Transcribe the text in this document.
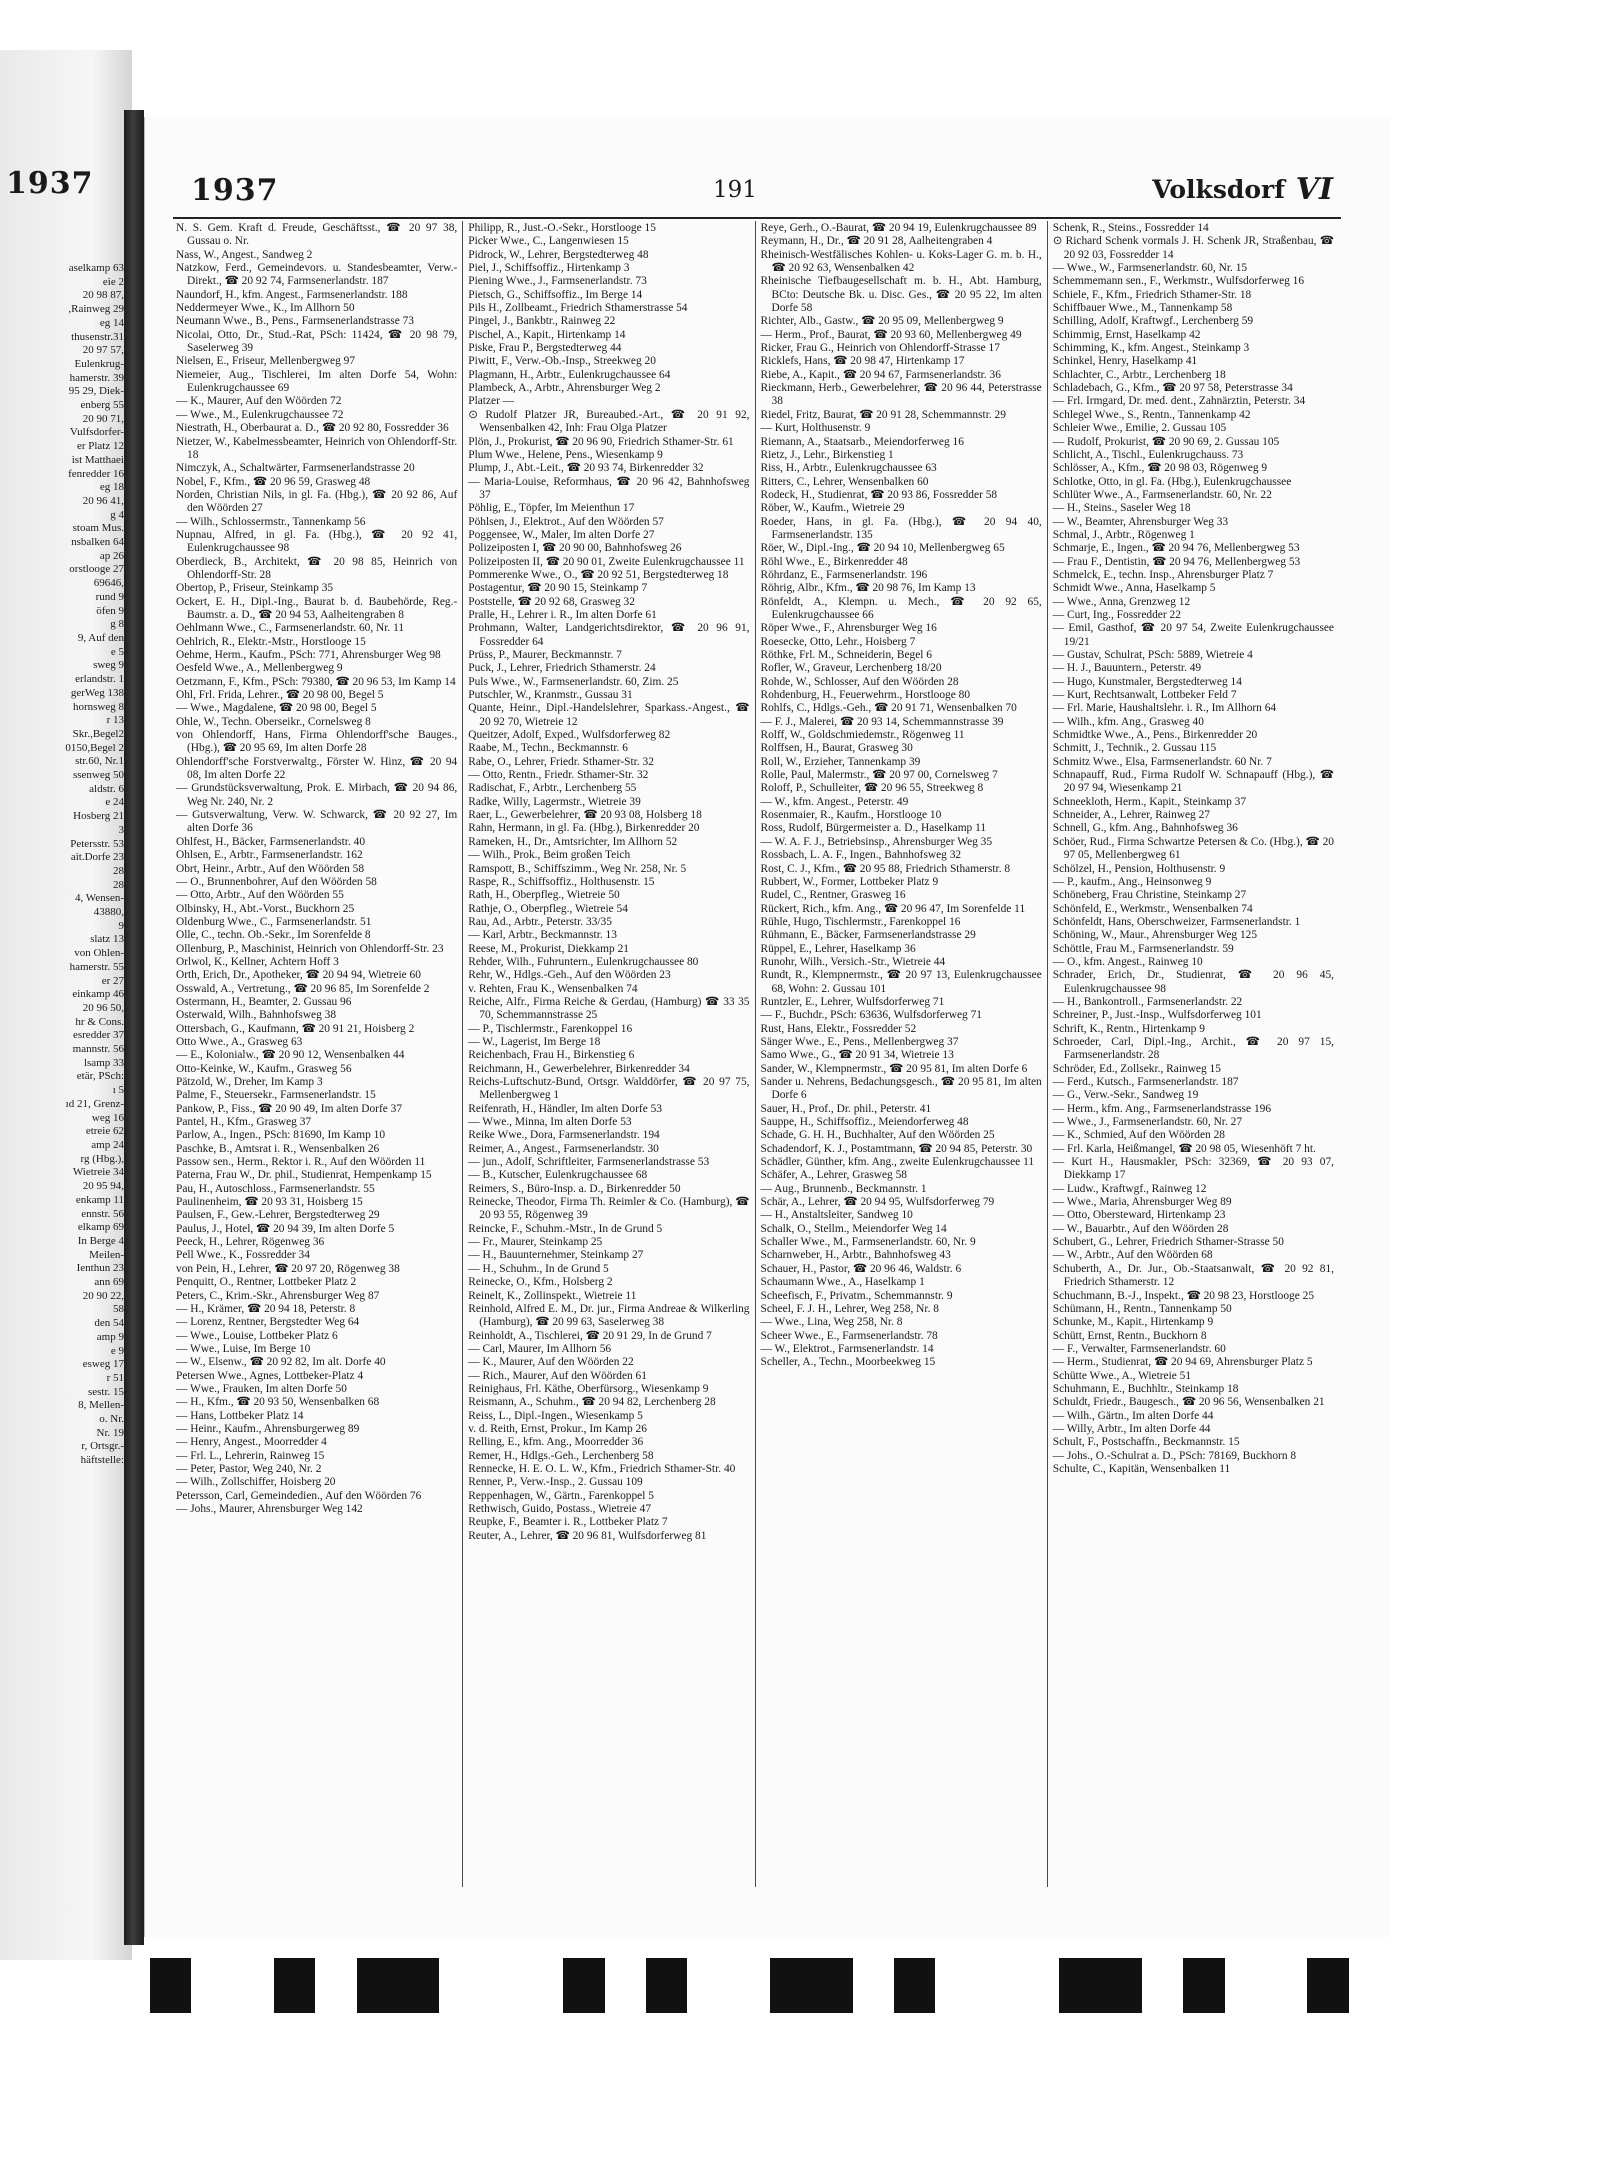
1937
aselkamp 63
eie 2
20 98 87,
,Rainweg 29
eg 14
thusenstr.31
20 97 57,
Eulenkrug-
hamerstr. 39
95 29, Diek-
enberg 55
20 90 71,
Vulfsdorfer-
er Platz 12
ist Matthaei
fenredder 16
eg 18
20 96 41,
g 4
stoam Mus.
nsbalken 64
ap 26
orstlooge 27
69646,
rund 9
öfen 9
g 8
9, Auf den
e 5
sweg 9
erlandstr. 1
gerWeg 138
hornsweg 8
r 13
Skr.,Begel2
0150,Begel 2
str.60, Nr.1
ssenweg 50
aldstr. 6
e 24
Hosberg 21
3
Petersstr. 53
ait.Dorfe 23
28
28
4, Wensen-
43880,
9
slatz 13
von Ohlen-
hamerstr. 55
er 27
einkamp 46
20 96 50,
hr & Cons.
esredder 37
mannstr. 56
lsamp 33
etär, PSch:
ı 5
ıd 21, Grenz-
weg 16
etreie 62
amp 24
rg (Hbg.),
Wietreie 34
20 95 94,
enkamp 11
ennstr. 56
elkamp 69
In Berge 4
Meilen-
Ienthun 23
ann 69
20 90 22,
58
den 54
amp 9
e 9
esweg 17
r 51
sestr. 15
8, Mellen-
o. Nr.
Nr. 19
r, Ortsgr.-
häftstelle:
1937	191	Volksdorf VI
N. S. Gem. Kraft d. Freude, Geschäftsst., ☎ 20 97 38, Gussau o. Nr.
Nass, W., Angest., Sandweg 2
Natzkow, Ferd., Gemeindevors. u. Standesbeamter, Verw.-Direkt., ☎ 20 92 74, Farmsenerlandstr. 187
Naundorf, H., kfm. Angest., Farmsenerlandstr. 188
Neddermeyer Wwe., K., Im Allhorn 50
Neumann Wwe., B., Pens., Farmsenerlandstrasse 73
Nicolai, Otto, Dr., Stud.-Rat, PSch: 11424, ☎ 20 98 79, Saselerweg 39
Nielsen, E., Friseur, Mellenbergweg 97
Niemeier, Aug., Tischlerei, Im alten Dorfe 54, Wohn: Eulenkrugchaussee 69
— K., Maurer, Auf den Wöörden 72
— Wwe., M., Eulenkrugchaussee 72
Niestrath, H., Oberbaurat a. D., ☎ 20 92 80, Fossredder 36
Nietzer, W., Kabelmessbeamter, Heinrich von Ohlendorff-Str. 18
Nimczyk, A., Schaltwärter, Farmsenerlandstrasse 20
Nobel, F., Kfm., ☎ 20 96 59, Grasweg 48
Norden, Christian Nils, in gl. Fa. (Hbg.), ☎ 20 92 86, Auf den Wöörden 27
— Wilh., Schlossermstr., Tannenkamp 56
Nupnau, Alfred, in gl. Fa. (Hbg.), ☎ 20 92 41, Eulenkrugchaussee 98
Oberdieck, B., Architekt, ☎ 20 98 85, Heinrich von Ohlendorff-Str. 28
Obertop, P., Friseur, Steinkamp 35
Ockert, E. H., Dipl.-Ing., Baurat b. d. Baubehörde, Reg.-Baumstr. a. D., ☎ 20 94 53, Aalheitengraben 8
Oehlmann Wwe., C., Farmsenerlandstr. 60, Nr. 11
Oehlrich, R., Elektr.-Mstr., Horstlooge 15
Oehme, Herm., Kaufm., PSch: 771, Ahrensburger Weg 98
Oesfeld Wwe., A., Mellenbergweg 9
Oetzmann, F., Kfm., PSch: 79380, ☎ 20 96 53, Im Kamp 14
Ohl, Frl. Frida, Lehrer., ☎ 20 98 00, Begel 5
— Wwe., Magdalene, ☎ 20 98 00, Begel 5
Ohle, W., Techn. Oberseikr., Cornelsweg 8
von Ohlendorff, Hans, Firma Ohlendorff'sche Bauges., (Hbg.), ☎ 20 95 69, Im alten Dorfe 28
Ohlendorff'sche Forstverwaltg., Förster W. Hinz, ☎ 20 94 08, Im alten Dorfe 22
— Grundstücksverwaltung, Prok. E. Mirbach, ☎ 20 94 86, Weg Nr. 240, Nr. 2
— Gutsverwaltung, Verw. W. Schwarck, ☎ 20 92 27, Im alten Dorfe 36
Ohlfest, H., Bäcker, Farmsenerlandstr. 40
Ohlsen, E., Arbtr., Farmsenerlandstr. 162
Obrt, Heinr., Arbtr., Auf den Wöörden 58
— O., Brunnenbohrer, Auf den Wöörden 58
— Otto, Arbtr., Auf den Wöörden 55
Olbinsky, H., Abt.-Vorst., Buckhorn 25
Oldenburg Wwe., C., Farmsenerlandstr. 51
Olle, C., techn. Ob.-Sekr., Im Sorenfelde 8
Ollenburg, P., Maschinist, Heinrich von Ohlendorff-Str. 23
Orlwol, K., Kellner, Achtern Hoff 3
Orth, Erich, Dr., Apotheker, ☎ 20 94 94, Wietreie 60
Osswald, A., Vertretung., ☎ 20 96 85, Im Sorenfelde 2
Ostermann, H., Beamter, 2. Gussau 96
Osterwald, Wilh., Bahnhofsweg 38
Ottersbach, G., Kaufmann, ☎ 20 91 21, Hoisberg 2
Otto Wwe., A., Grasweg 63
— E., Kolonialw., ☎ 20 90 12, Wensenbalken 44
Otto-Keinke, W., Kaufm., Grasweg 56
Pätzold, W., Dreher, Im Kamp 3
Palme, F., Steuersekr., Farmsenerlandstr. 15
Pankow, P., Fiss., ☎ 20 90 49, Im alten Dorfe 37
Pantel, H., Kfm., Grasweg 37
Parlow, A., Ingen., PSch: 81690, Im Kamp 10
Paschke, B., Amtsrat i. R., Wensenbalken 26
Passow sen., Herm., Rektor i. R., Auf den Wöörden 11
Paterna, Frau W., Dr. phil., Studienrat, Hempenkamp 15
Pau, H., Autoschloss., Farmsenerlandstr. 55
Paulinenheim, ☎ 20 93 31, Hoisberg 15
Paulsen, F., Gew.-Lehrer, Bergstedterweg 29
Paulus, J., Hotel, ☎ 20 94 39, Im alten Dorfe 5
Peeck, H., Lehrer, Rögenweg 36
Pell Wwe., K., Fossredder 34
von Pein, H., Lehrer, ☎ 20 97 20, Rögenweg 38
Penquitt, O., Rentner, Lottbeker Platz 2
Peters, C., Krim.-Skr., Ahrensburger Weg 87
— H., Krämer, ☎ 20 94 18, Peterstr. 8
— Lorenz, Rentner, Bergstedter Weg 64
— Wwe., Louise, Lottbeker Platz 6
— Wwe., Luise, Im Berge 10
— W., Elsenw., ☎ 20 92 82, Im alt. Dorfe 40
Petersen Wwe., Agnes, Lottbeker-Platz 4
— Wwe., Frauken, Im alten Dorfe 50
— H., Kfm., ☎ 20 93 50, Wensenbalken 68
— Hans, Lottbeker Platz 14
— Heinr., Kaufm., Ahrensburgerweg 89
— Henry, Angest., Moorredder 4
— Frl. L., Lehrerin, Rainweg 15
— Peter, Pastor, Weg 240, Nr. 2
— Wilh., Zollschiffer, Hoisberg 20
Petersson, Carl, Gemeindedien., Auf den Wöörden 76
— Johs., Maurer, Ahrensburger Weg 142
Philipp, R., Just.-O.-Sekr., Horstlooge 15
Picker Wwe., C., Langenwiesen 15
Pidrock, W., Lehrer, Bergstedterweg 48
Piel, J., Schiffsoffiz., Hirtenkamp 3
Piening Wwe., J., Farmsenerlandstr. 73
Pietsch, G., Schiffsoffiz., Im Berge 14
Pils H., Zollbeamt., Friedrich Sthamerstrasse 54
Pingel, J., Bankbtr., Rainweg 22
Pischel, A., Kapit., Hirtenkamp 14
Piske, Frau P., Bergstedterweg 44
Piwitt, F., Verw.-Ob.-Insp., Streekweg 20
Plagmann, H., Arbtr., Eulenkrugchaussee 64
Plambeck, A., Arbtr., Ahrensburger Weg 2
Platzer —
⊙ Rudolf Platzer JR, Bureaubed.-Art., ☎ 20 91 92, Wensenbalken 42, Inh: Frau Olga Platzer
Plön, J., Prokurist, ☎ 20 96 90, Friedrich Sthamer-Str. 61
Plum Wwe., Helene, Pens., Wiesenkamp 9
Plump, J., Abt.-Leit., ☎ 20 93 74, Birkenredder 32
— Maria-Louise, Reformhaus, ☎ 20 96 42, Bahnhofsweg 37
Pöhlig, E., Töpfer, Im Meienthun 17
Pöhlsen, J., Elektrot., Auf den Wöörden 57
Poggensee, W., Maler, Im alten Dorfe 27
Polizeiposten I, ☎ 20 90 00, Bahnhofsweg 26
Polizeiposten II, ☎ 20 90 01, Zweite Eulenkrugchaussee 11
Pommerenke Wwe., O., ☎ 20 92 51, Bergstedterweg 18
Postagentur, ☎ 20 90 15, Steinkamp 7
Poststelle, ☎ 20 92 68, Grasweg 32
Pralle, H., Lehrer i. R., Im alten Dorfe 61
Prohmann, Walter, Landgerichtsdirektor, ☎ 20 96 91, Fossredder 64
Prüss, P., Maurer, Beckmannstr. 7
Puck, J., Lehrer, Friedrich Sthamerstr. 24
Puls Wwe., W., Farmsenerlandstr. 60, Zim. 25
Putschler, W., Kranmstr., Gussau 31
Quante, Heinr., Dipl.-Handelslehrer, Sparkass.-Angest., ☎ 20 92 70, Wietreie 12
Queitzer, Adolf, Exped., Wulfsdorferweg 82
Raabe, M., Techn., Beckmannstr. 6
Rabe, O., Lehrer, Friedr. Sthamer-Str. 32
— Otto, Rentn., Friedr. Sthamer-Str. 32
Radischat, F., Arbtr., Lerchenberg 55
Radke, Willy, Lagermstr., Wietreie 39
Raer, L., Gewerbelehrer, ☎ 20 93 08, Holsberg 18
Rahn, Hermann, in gl. Fa. (Hbg.), Birkenredder 20
Rameken, H., Dr., Amtsrichter, Im Allhorn 52
— Wilh., Prok., Beim großen Teich
Ramspott, B., Schiffszimm., Weg Nr. 258, Nr. 5
Raspe, R., Schiffsoffiz., Holthusenstr. 15
Rath, H., Oberpfleg., Wietreie 50
Rathje, O., Oberpfleg., Wietreie 54
Rau, Ad., Arbtr., Peterstr. 33/35
— Karl, Arbtr., Beckmannstr. 13
Reese, M., Prokurist, Diekkamp 21
Rehder, Wilh., Fuhruntern., Eulenkrugchaussee 80
Rehr, W., Hdlgs.-Geh., Auf den Wöörden 23
v. Rehten, Frau K., Wensenbalken 74
Reiche, Alfr., Firma Reiche & Gerdau, (Hamburg) ☎ 33 35 70, Schemmannstrasse 25
— P., Tischlermstr., Farenkoppel 16
— W., Lagerist, Im Berge 18
Reichenbach, Frau H., Birkenstieg 6
Reichmann, H., Gewerbelehrer, Birkenredder 34
Reichs-Luftschutz-Bund, Ortsgr. Walddörfer, ☎ 20 97 75, Mellenbergweg 1
Reifenrath, H., Händler, Im alten Dorfe 53
— Wwe., Minna, Im alten Dorfe 53
Reike Wwe., Dora, Farmsenerlandstr. 194
Reimer, A., Angest., Farmsenerlandstr. 30
— jun., Adolf, Schriftleiter, Farmsenerlandstrasse 53
— B., Kutscher, Eulenkrugchaussee 68
Reimers, S., Büro-Insp. a. D., Birkenredder 50
Reinecke, Theodor, Firma Th. Reimler & Co. (Hamburg), ☎ 20 93 55, Rögenweg 39
Reincke, F., Schuhm.-Mstr., In de Grund 5
— Fr., Maurer, Steinkamp 25
— H., Bauunternehmer, Steinkamp 27
— H., Schuhm., In de Grund 5
Reinecke, O., Kfm., Holsberg 2
Reinelt, K., Zollinspekt., Wietreie 11
Reinhold, Alfred E. M., Dr. jur., Firma Andreae & Wilkerling (Hamburg), ☎ 20 99 63, Saselerweg 38
Reinholdt, A., Tischlerei, ☎ 20 91 29, In de Grund 7
— Carl, Maurer, Im Allhorn 56
— K., Maurer, Auf den Wöörden 22
— Rich., Maurer, Auf den Wöörden 61
Reinighaus, Frl. Käthe, Oberfürsorg., Wiesenkamp 9
Reismann, A., Schuhm., ☎ 20 94 82, Lerchenberg 28
Reiss, L., Dipl.-Ingen., Wiesenkamp 5
v. d. Reith, Ernst, Prokur., Im Kamp 26
Relling, E., kfm. Ang., Moorredder 36
Remer, H., Hdlgs.-Geh., Lerchenberg 58
Rennecke, H. E. O. L. W., Kfm., Friedrich Sthamer-Str. 40
Renner, P., Verw.-Insp., 2. Gussau 109
Reppenhagen, W., Gärtn., Farenkoppel 5
Rethwisch, Guido, Postass., Wietreie 47
Reupke, F., Beamter i. R., Lottbeker Platz 7
Reuter, A., Lehrer, ☎ 20 96 81, Wulfsdorferweg 81
Reye, Gerh., O.-Baurat, ☎ 20 94 19, Eulenkrugchaussee 89
Reymann, H., Dr., ☎ 20 91 28, Aalheitengraben 4
Rheinisch-Westfälisches Kohlen- u. Koks-Lager G. m. b. H., ☎ 20 92 63, Wensenbalken 42
Rheinische Tiefbaugesellschaft m. b. H., Abt. Hamburg, BCto: Deutsche Bk. u. Disc. Ges., ☎ 20 95 22, Im alten Dorfe 58
Richter, Alb., Gastw., ☎ 20 95 09, Mellenbergweg 9
— Herm., Prof., Baurat, ☎ 20 93 60, Mellenbergweg 49
Ricker, Frau G., Heinrich von Ohlendorff-Strasse 17
Ricklefs, Hans, ☎ 20 98 47, Hirtenkamp 17
Riebe, A., Kapit., ☎ 20 94 67, Farmsenerlandstr. 36
Rieckmann, Herb., Gewerbelehrer, ☎ 20 96 44, Peterstrasse 38
Riedel, Fritz, Baurat, ☎ 20 91 28, Schemmannstr. 29
— Kurt, Holthusenstr. 9
Riemann, A., Staatsarb., Meiendorferweg 16
Rietz, J., Lehr., Birkenstieg 1
Riss, H., Arbtr., Eulenkrugchaussee 63
Ritters, C., Lehrer, Wensenbalken 60
Rodeck, H., Studienrat, ☎ 20 93 86, Fossredder 58
Röber, W., Kaufm., Wietreie 29
Roeder, Hans, in gl. Fa. (Hbg.), ☎ 20 94 40, Farmsenerlandstr. 135
Röer, W., Dipl.-Ing., ☎ 20 94 10, Mellenbergweg 65
Röhl Wwe., E., Birkenredder 48
Röhrdanz, E., Farmsenerlandstr. 196
Röhrig, Albr., Kfm., ☎ 20 98 76, Im Kamp 13
Rönfeldt, A., Klempn. u. Mech., ☎ 20 92 65, Eulenkrugchaussee 66
Röper Wwe., F., Ahrensburger Weg 16
Roesecke, Otto, Lehr., Hoisberg 7
Röthke, Frl. M., Schneiderin, Begel 6
Rofler, W., Graveur, Lerchenberg 18/20
Rohde, W., Schlosser, Auf den Wöörden 28
Rohdenburg, H., Feuerwehrm., Horstlooge 80
Rohlfs, C., Hdlgs.-Geh., ☎ 20 91 71, Wensenbalken 70
— F. J., Malerei, ☎ 20 93 14, Schemmannstrasse 39
Rolff, W., Goldschmiedemstr., Rögenweg 11
Rolffsen, H., Baurat, Grasweg 30
Roll, W., Erzieher, Tannenkamp 39
Rolle, Paul, Malermstr., ☎ 20 97 00, Cornelsweg 7
Roloff, P., Schulleiter, ☎ 20 96 55, Streekweg 8
— W., kfm. Angest., Peterstr. 49
Rosenmaier, R., Kaufm., Horstlooge 10
Ross, Rudolf, Bürgermeister a. D., Haselkamp 11
— W. A. F. J., Betriebsinsp., Ahrensburger Weg 35
Rossbach, L. A. F., Ingen., Bahnhofsweg 32
Rost, C. J., Kfm., ☎ 20 95 88, Friedrich Sthamerstr. 8
Rubbert, W., Former, Lottbeker Platz 9
Rudel, C., Rentner, Grasweg 16
Rückert, Rich., kfm. Ang., ☎ 20 96 47, Im Sorenfelde 11
Rühle, Hugo, Tischlermstr., Farenkoppel 16
Rühmann, E., Bäcker, Farmsenerlandstrasse 29
Rüppel, E., Lehrer, Haselkamp 36
Runohr, Wilh., Versich.-Str., Wietreie 44
Rundt, R., Klempnermstr., ☎ 20 97 13, Eulenkrugchaussee 68, Wohn: 2. Gussau 101
Runtzler, E., Lehrer, Wulfsdorferweg 71
— F., Buchdr., PSch: 63636, Wulfsdorferweg 71
Rust, Hans, Elektr., Fossredder 52
Sänger Wwe., E., Pens., Mellenbergweg 37
Samo Wwe., G., ☎ 20 91 34, Wietreie 13
Sander, W., Klempnermstr., ☎ 20 95 81, Im alten Dorfe 6
Sander u. Nehrens, Bedachungsgesch., ☎ 20 95 81, Im alten Dorfe 6
Sauer, H., Prof., Dr. phil., Peterstr. 41
Sauppe, H., Schiffsoffiz., Meiendorferweg 48
Schade, G. H. H., Buchhalter, Auf den Wöörden 25
Schadendorf, K. J., Postamtmann, ☎ 20 94 85, Peterstr. 30
Schädler, Günther, kfm. Ang., zweite Eulenkrugchaussee 11
Schäfer, A., Lehrer, Grasweg 58
— Aug., Brunnenb., Beckmannstr. 1
Schär, A., Lehrer, ☎ 20 94 95, Wulfsdorferweg 79
— H., Anstaltsleiter, Sandweg 10
Schalk, O., Stellm., Meiendorfer Weg 14
Schaller Wwe., M., Farmsenerlandstr. 60, Nr. 9
Scharnweber, H., Arbtr., Bahnhofsweg 43
Schauer, H., Pastor, ☎ 20 96 46, Waldstr. 6
Schaumann Wwe., A., Haselkamp 1
Scheefisch, F., Privatm., Schemmannstr. 9
Scheel, F. J. H., Lehrer, Weg 258, Nr. 8
— Wwe., Lina, Weg 258, Nr. 8
Scheer Wwe., E., Farmsenerlandstr. 78
— W., Elektrot., Farmsenerlandstr. 14
Scheller, A., Techn., Moorbeekweg 15
Schenk, R., Steins., Fossredder 14
⊙ Richard Schenk vormals J. H. Schenk JR, Straßenbau, ☎ 20 92 03, Fossredder 14
— Wwe., W., Farmsenerlandstr. 60, Nr. 15
Schemmemann sen., F., Werkmstr., Wulfsdorferweg 16
Schiele, F., Kfm., Friedrich Sthamer-Str. 18
Schiffbauer Wwe., M., Tannenkamp 58
Schilling, Adolf, Kraftwgf., Lerchenberg 59
Schimmig, Ernst, Haselkamp 42
Schimming, K., kfm. Angest., Steinkamp 3
Schinkel, Henry, Haselkamp 41
Schlachter, C., Arbtr., Lerchenberg 18
Schladebach, G., Kfm., ☎ 20 97 58, Peterstrasse 34
— Frl. Irmgard, Dr. med. dent., Zahnärztin, Peterstr. 34
Schlegel Wwe., S., Rentn., Tannenkamp 42
Schleier Wwe., Emilie, 2. Gussau 105
— Rudolf, Prokurist, ☎ 20 90 69, 2. Gussau 105
Schlicht, A., Tischl., Eulenkrugchauss. 73
Schlösser, A., Kfm., ☎ 20 98 03, Rögenweg 9
Schlotke, Otto, in gl. Fa. (Hbg.), Eulenkrugchaussee
Schlüter Wwe., A., Farmsenerlandstr. 60, Nr. 22
— H., Steins., Saseler Weg 18
— W., Beamter, Ahrensburger Weg 33
Schmal, J., Arbtr., Rögenweg 1
Schmarje, E., Ingen., ☎ 20 94 76, Mellenbergweg 53
— Frau F., Dentistin, ☎ 20 94 76, Mellenbergweg 53
Schmelck, E., techn. Insp., Ahrensburger Platz 7
Schmidt Wwe., Anna, Haselkamp 5
— Wwe., Anna, Grenzweg 12
— Curt, Ing., Fossredder 22
— Emil, Gasthof, ☎ 20 97 54, Zweite Eulenkrugchaussee 19/21
— Gustav, Schulrat, PSch: 5889, Wietreie 4
— H. J., Bauuntern., Peterstr. 49
— Hugo, Kunstmaler, Bergstedterweg 14
— Kurt, Rechtsanwalt, Lottbeker Feld 7
— Frl. Marie, Haushaltslehr. i. R., Im Allhorn 64
— Wilh., kfm. Ang., Grasweg 40
Schmidtke Wwe., A., Pens., Birkenredder 20
Schmitt, J., Technik., 2. Gussau 115
Schmitz Wwe., Elsa, Farmsenerlandstr. 60 Nr. 7
Schnapauff, Rud., Firma Rudolf W. Schnapauff (Hbg.), ☎ 20 97 94, Wiesenkamp 21
Schneekloth, Herm., Kapit., Steinkamp 37
Schneider, A., Lehrer, Rainweg 27
Schnell, G., kfm. Ang., Bahnhofsweg 36
Schöer, Rud., Firma Schwartze Petersen & Co. (Hbg.), ☎ 20 97 05, Mellenbergweg 61
Schölzel, H., Pension, Holthusenstr. 9
— P., kaufm., Ang., Heinsonweg 9
Schöneberg, Frau Christine, Steinkamp 27
Schönfeld, E., Werkmstr., Wensenbalken 74
Schönfeldt, Hans, Oberschweizer, Farmsenerlandstr. 1
Schöning, W., Maur., Ahrensburger Weg 125
Schöttle, Frau M., Farmsenerlandstr. 59
— O., kfm. Angest., Rainweg 10
Schrader, Erich, Dr., Studienrat, ☎ 20 96 45, Eulenkrugchaussee 98
— H., Bankontroll., Farmsenerlandstr. 22
Schreiner, P., Just.-Insp., Wulfsdorferweg 101
Schrift, K., Rentn., Hirtenkamp 9
Schroeder, Carl, Dipl.-Ing., Archit., ☎ 20 97 15, Farmsenerlandstr. 28
Schröder, Ed., Zollsekr., Rainweg 15
— Ferd., Kutsch., Farmsenerlandstr. 187
— G., Verw.-Sekr., Sandweg 19
— Herm., kfm. Ang., Farmsenerlandstrasse 196
— Wwe., J., Farmsenerlandstr. 60, Nr. 27
— K., Schmied, Auf den Wöörden 28
— Frl. Karla, Heißmangel, ☎ 20 98 05, Wiesenhöft 7 ht.
— Kurt H., Hausmakler, PSch: 32369, ☎ 20 93 07, Diekkamp 17
— Ludw., Kraftwgf., Rainweg 12
— Wwe., Maria, Ahrensburger Weg 89
— Otto, Obersteward, Hirtenkamp 23
— W., Bauarbtr., Auf den Wöörden 28
Schubert, G., Lehrer, Friedrich Sthamer-Strasse 50
— W., Arbtr., Auf den Wöörden 68
Schuberth, A., Dr. Jur., Ob.-Staatsanwalt, ☎ 20 92 81, Friedrich Sthamerstr. 12
Schuchmann, B.-J., Inspekt., ☎ 20 98 23, Horstlooge 25
Schümann, H., Rentn., Tannenkamp 50
Schunke, M., Kapit., Hirtenkamp 9
Schütt, Ernst, Rentn., Buckhorn 8
— F., Verwalter, Farmsenerlandstr. 60
— Herm., Studienrat, ☎ 20 94 69, Ahrensburger Platz 5
Schütte Wwe., A., Wietreie 51
Schuhmann, E., Buchhltr., Steinkamp 18
Schuldt, Friedr., Baugesch., ☎ 20 96 56, Wensenbalken 21
— Wilh., Gärtn., Im alten Dorfe 44
— Willy, Arbtr., Im alten Dorfe 44
Schult, F., Postschaffn., Beckmannstr. 15
— Johs., O.-Schulrat a. D., PSch: 78169, Buckhorn 8
Schulte, C., Kapitän, Wensenbalken 11
